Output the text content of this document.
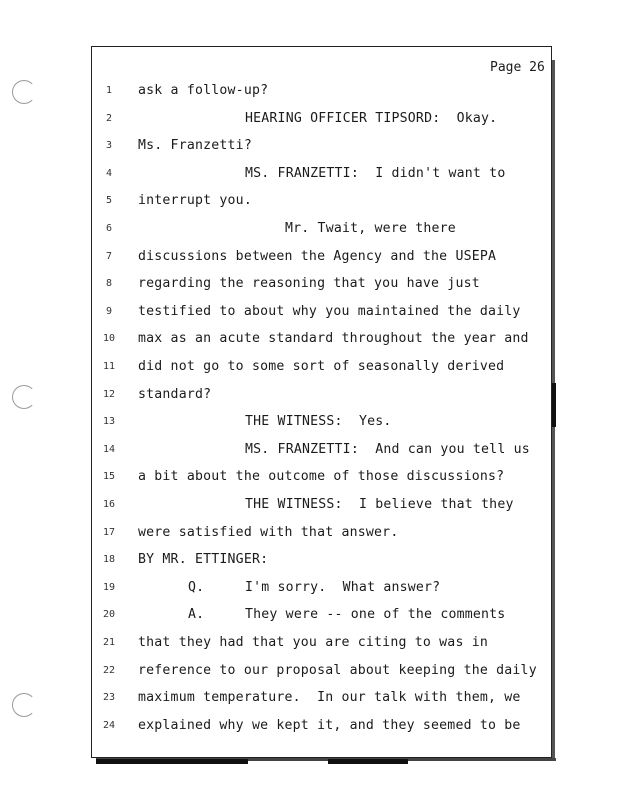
Page 26
1	ask a follow-up?
2	HEARING OFFICER TIPSORD:  Okay.
3	Ms. Franzetti?
4	MS. FRANZETTI:  I didn't want to
5	interrupt you.
6	Mr. Twait, were there
7	discussions between the Agency and the USEPA
8	regarding the reasoning that you have just
9	testified to about why you maintained the daily
10 max as an acute standard throughout the year and
11 did not go to some sort of seasonally derived
12 standard?
13	THE WITNESS:  Yes.
14	MS. FRANZETTI:  And can you tell us
15 a bit about the outcome of those discussions?
16	THE WITNESS:  I believe that they
17 were satisfied with that answer.
18 BY MR. ETTINGER:
19	Q.     I'm sorry.  What answer?
20	A.     They were -- one of the comments
21 that they had that you are citing to was in
22 reference to our proposal about keeping the daily
23 maximum temperature.  In our talk with them, we
24 explained why we kept it, and they seemed to be
